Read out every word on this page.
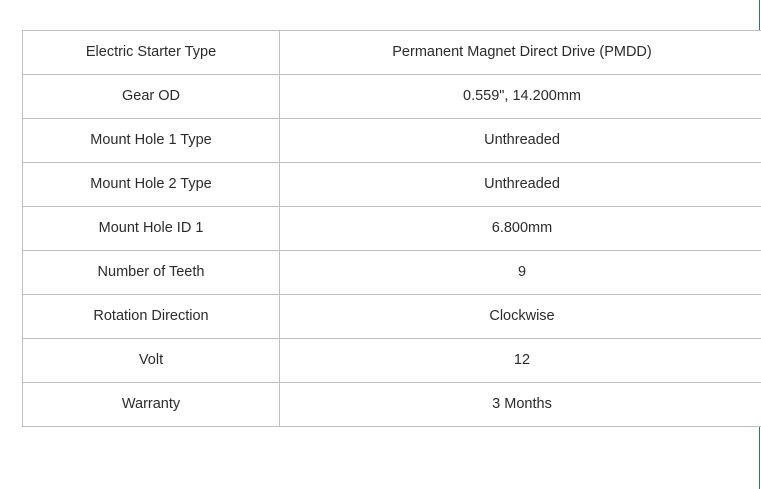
Electric Starter Type	Permanent Magnet Direct Drive (PMDD)
Gear OD	0.559", 14.200mm
Mount Hole 1 Type	Unthreaded
Mount Hole 2 Type	Unthreaded
Mount Hole ID 1	6.800mm
Number of Teeth	9
Rotation Direction	Clockwise
Volt	12
Warranty	3 Months
